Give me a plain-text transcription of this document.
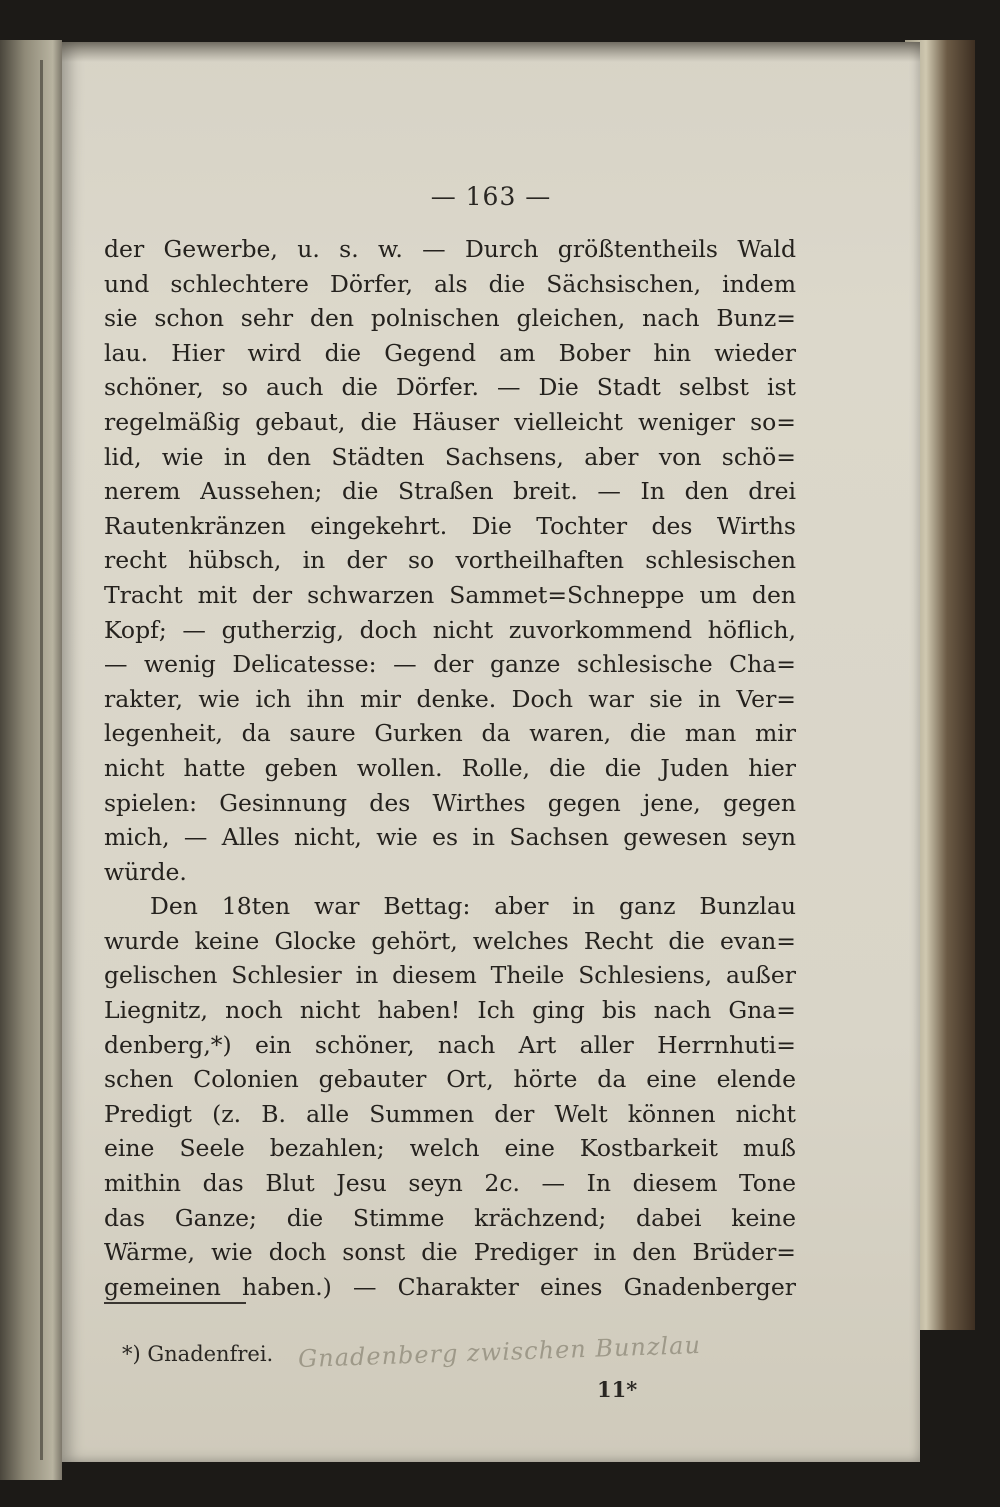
— 163 —
der Gewerbe, u. s. w. — Durch größtentheils Wald
und schlechtere Dörfer, als die Sächsischen, indem
sie schon sehr den polnischen gleichen, nach Bunz=
lau. Hier wird die Gegend am Bober hin wieder
schöner, so auch die Dörfer. — Die Stadt selbst ist
regelmäßig gebaut, die Häuser vielleicht weniger so=
lid, wie in den Städten Sachsens, aber von schö=
nerem Aussehen; die Straßen breit. — In den drei
Rautenkränzen eingekehrt. Die Tochter des Wirths
recht hübsch, in der so vortheilhaften schlesischen
Tracht mit der schwarzen Sammet=Schneppe um den
Kopf; — gutherzig, doch nicht zuvorkommend höflich,
— wenig Delicatesse: — der ganze schlesische Cha=
rakter, wie ich ihn mir denke. Doch war sie in Ver=
legenheit, da saure Gurken da waren, die man mir
nicht hatte geben wollen. Rolle, die die Juden hier
spielen: Gesinnung des Wirthes gegen jene, gegen
mich, — Alles nicht, wie es in Sachsen gewesen seyn
würde.
Den 18ten war Bettag: aber in ganz Bunzlau
wurde keine Glocke gehört, welches Recht die evan=
gelischen Schlesier in diesem Theile Schlesiens, außer
Liegnitz, noch nicht haben! Ich ging bis nach Gna=
denberg,*) ein schöner, nach Art aller Herrnhuti=
schen Colonien gebauter Ort, hörte da eine elende
Predigt (z. B. alle Summen der Welt können nicht
eine Seele bezahlen; welch eine Kostbarkeit muß
mithin das Blut Jesu seyn 2c. — In diesem Tone
das Ganze; die Stimme krächzend; dabei keine
Wärme, wie doch sonst die Prediger in den Brüder=
gemeinen haben.) — Charakter eines Gnadenberger
*) Gnadenfrei. Gnadenberg zwischen Bunzlau
11*
